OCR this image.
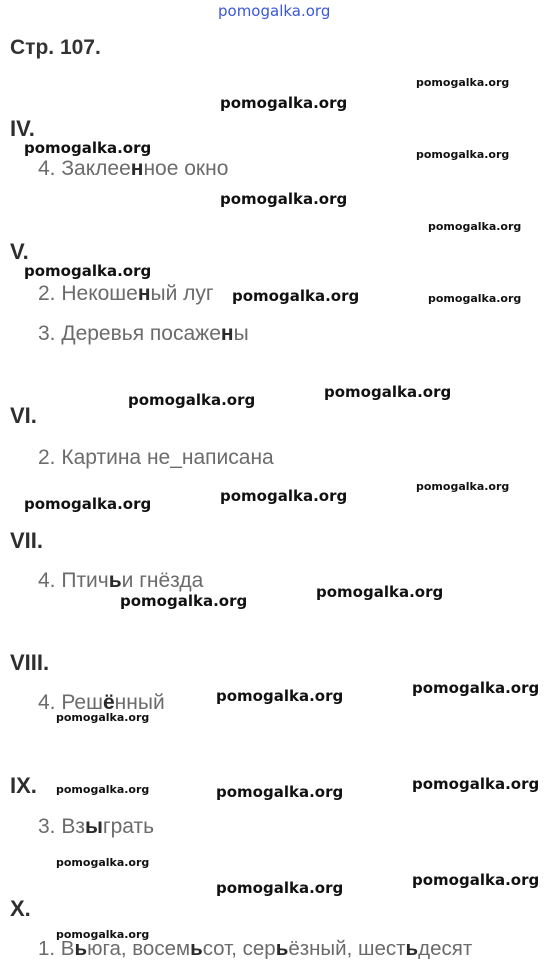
pomogalka.org
Стр. 107.
IV.
4. Заклеенное окно
V.
2. Некошеный луг
3. Деревья посажены
VI.
2. Картина не_написана
VII.
4. Птичьи гнёзда
VIII.
4. Решённый
IX.
3. Взыграть
X.
1. Вьюга, восемьсот, серьёзный, шестьдесят
pomogalka.org
pomogalka.org
pomogalka.org
pomogalka.org
pomogalka.org
pomogalka.org
pomogalka.org
pomogalka.org
pomogalka.org
pomogalka.org
pomogalka.org
pomogalka.org
pomogalka.org
pomogalka.org
pomogalka.org
pomogalka.org
pomogalka.org
pomogalka.org
pomogalka.org
pomogalka.org
pomogalka.org
pomogalka.org
pomogalka.org
pomogalka.org
pomogalka.org
pomogalka.org
